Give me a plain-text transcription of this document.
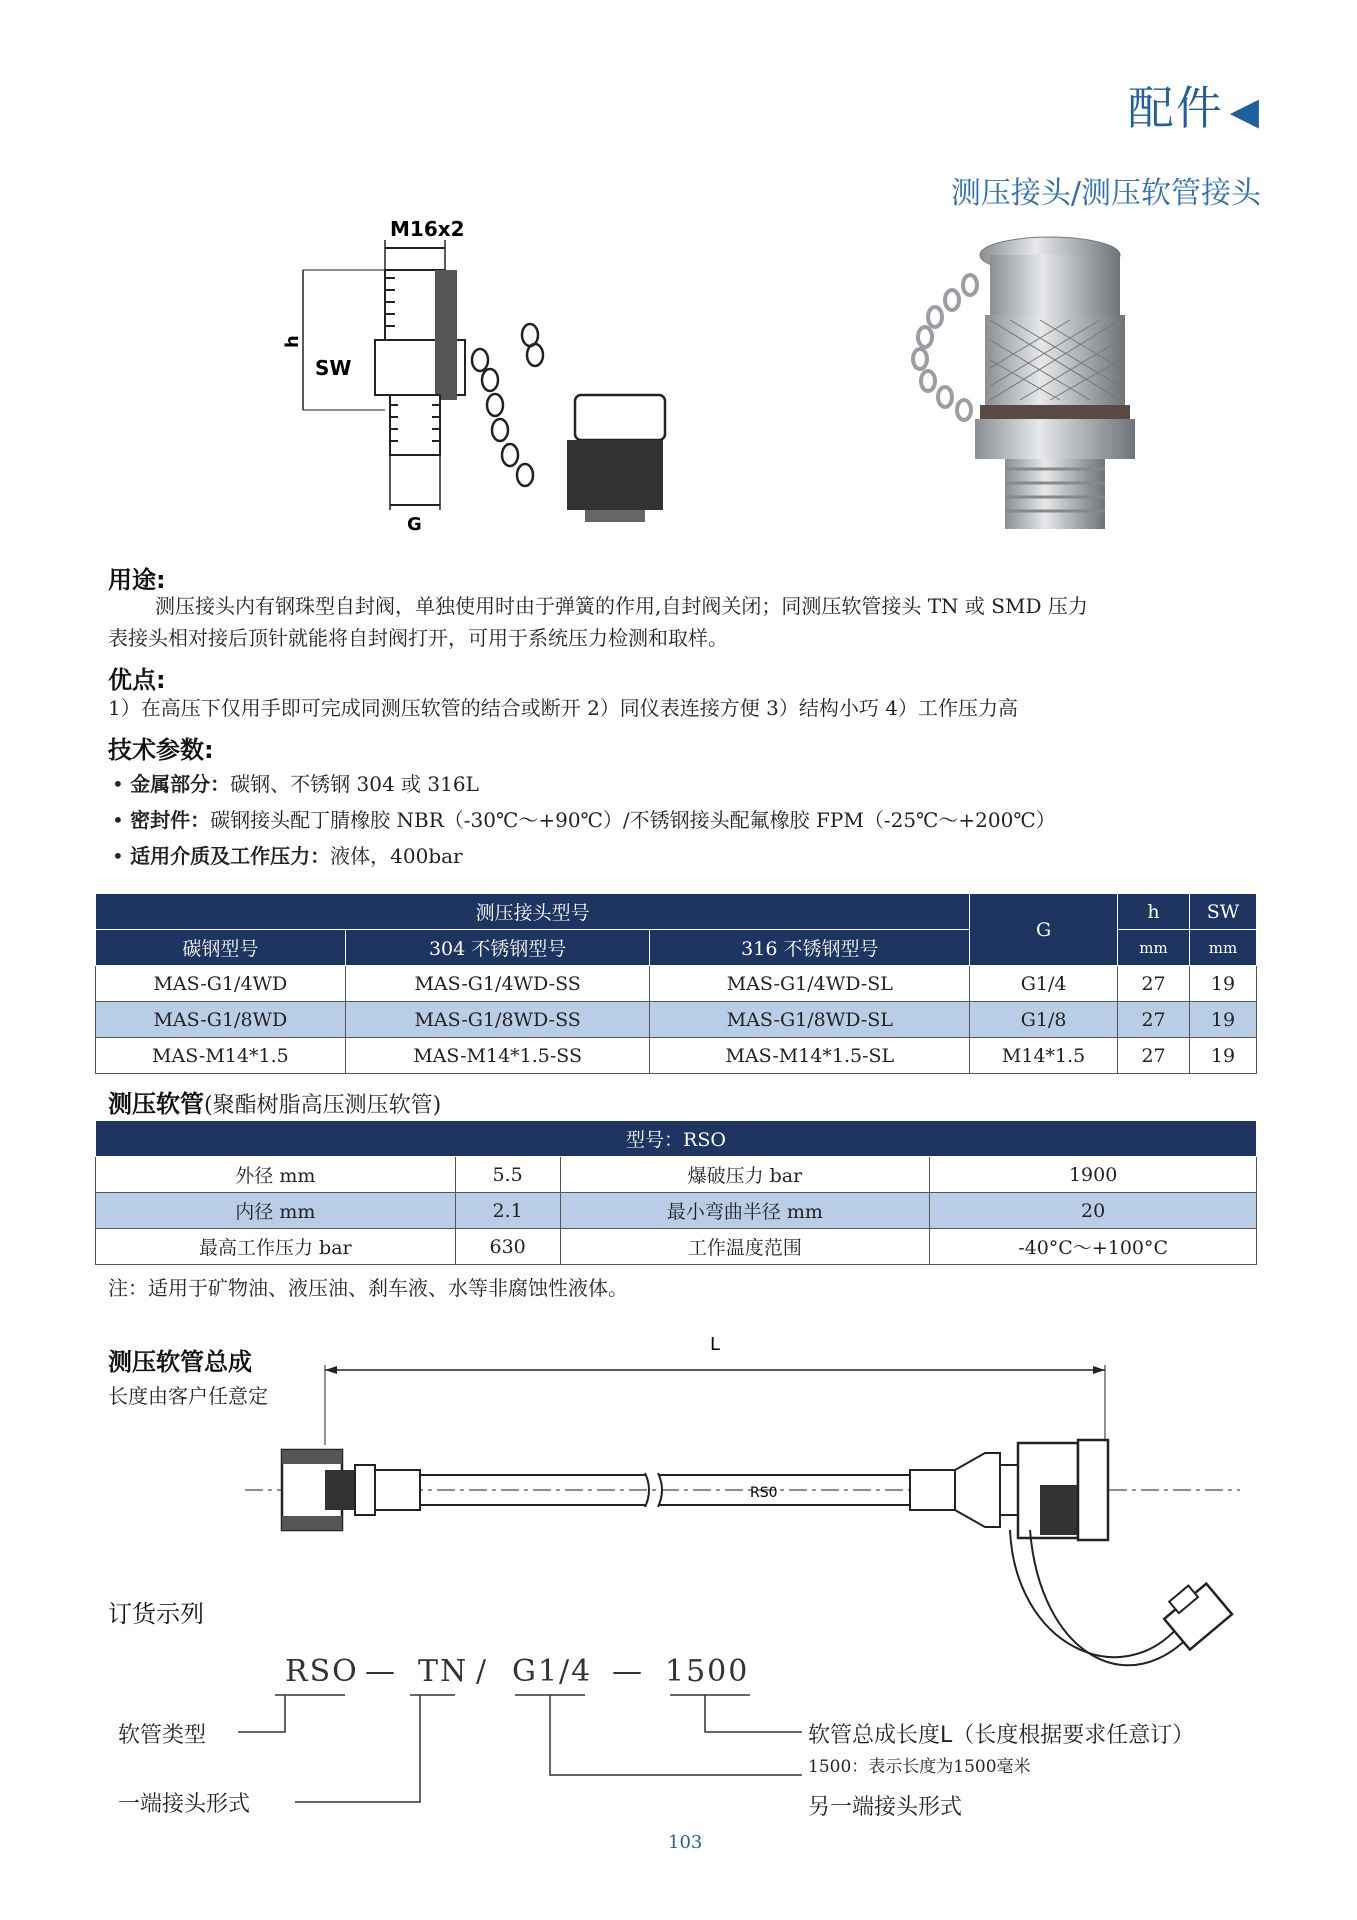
配件 ◀
测压接头/测压软管接头
M16x2
h
SW
G
用途:
测压接头内有钢珠型自封阀，单独使用时由于弹簧的作用,自封阀关闭；同测压软管接头 TN 或 SMD 压力
表接头相对接后顶针就能将自封阀打开，可用于系统压力检测和取样。
优点:
1）在高压下仅用手即可完成同测压软管的结合或断开 2）同仪表连接方便 3）结构小巧 4）工作压力高
技术参数:
• 金属部分：碳钢、不锈钢 304 或 316L
• 密封件：碳钢接头配丁腈橡胶 NBR（-30℃～+90℃）/不锈钢接头配氟橡胶 FPM（-25℃～+200℃）
• 适用介质及工作压力：液体，400bar
测压接头型号			G	h	SW
碳钢型号	304 不锈钢型号	316 不锈钢型号		mm	mm
MAS-G1/4WD	MAS-G1/4WD-SS	MAS-G1/4WD-SL	G1/4	27	19
MAS-G1/8WD	MAS-G1/8WD-SS	MAS-G1/8WD-SL	G1/8	27	19
MAS-M14*1.5	MAS-M14*1.5-SS	MAS-M14*1.5-SL	M14*1.5	27	19
测压软管(聚酯树脂高压测压软管)
型号：RSO			
外径 mm	5.5	爆破压力 bar	1900
内径 mm	2.1	最小弯曲半径 mm	20
最高工作压力 bar	630	工作温度范围	-40°C～+100°C
注：适用于矿物油、液压油、刹车液、水等非腐蚀性液体。
测压软管总成
长度由客户任意定
L
RS0
订货示列
RSO — TN / G1/4 — 1500
软管类型
一端接头形式
软管总成长度L（长度根据要求任意订）
1500：表示长度为1500毫米
另一端接头形式
103
